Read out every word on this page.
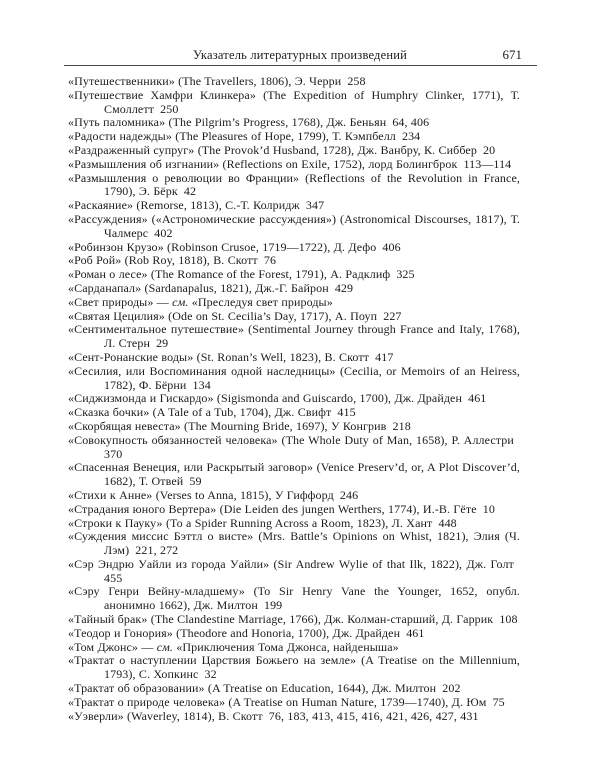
Указатель литературных произведений	671

«Путешественники» (The Travellers, 1806), Э. Черри 258

«Путешествие Хамфри Клинкера» (The Expedition of Humphry Clinker, 1771), Т. Смоллетт 250

«Путь паломника» (The Pilgrim’s Progress, 1768), Дж. Беньян 64, 406

«Радости надежды» (The Pleasures of Hope, 1799), Т. Кэмпбелл 234

«Раздраженный супруг» (The Provok’d Husband, 1728), Дж. Ванбру, К. Сиббер 20

«Размышления об изгнании» (Reflections on Exile, 1752), лорд Болингброк 113—114

«Размышления о революции во Франции» (Reflections of the Revolution in France, 1790), Э. Бёрк 42

«Раскаяние» (Remorse, 1813), С.-Т. Колридж 347

«Рассуждения» («Астрономические рассуждения») (Astronomical Discourses, 1817), Т. Чалмерс 402

«Робинзон Крузо» (Robinson Crusoe, 1719—1722), Д. Дефо 406

«Роб Рой» (Rob Roy, 1818), В. Скотт 76

«Роман о лесе» (The Romance of the Forest, 1791), А. Радклиф 325

«Сарданапал» (Sardanapalus, 1821), Дж.-Г. Байрон 429

«Свет природы» — см. «Преследуя свет природы»

«Святая Цецилия» (Ode on St. Cecilia’s Day, 1717), А. Поуп 227

«Сентиментальное путешествие» (Sentimental Journey through France and Italy, 1768), Л. Стерн 29

«Сент-Ронанские воды» (St. Ronan’s Well, 1823), В. Скотт 417

«Сесилия, или Воспоминания одной наследницы» (Cecilia, or Memoirs of an Heiress, 1782), Ф. Бёрни 134

«Сиджизмонда и Гискардо» (Sigismonda and Guiscardo, 1700), Дж. Драйден 461

«Сказка бочки» (A Tale of a Tub, 1704), Дж. Свифт 415

«Скорбящая невеста» (The Mourning Bride, 1697), У Конгрив 218

«Совокупность обязанностей человека» (The Whole Duty of Man, 1658), Р. Аллестри 370

«Спасенная Венеция, или Раскрытый заговор» (Venice Preserv’d, or, A Plot Discover’d, 1682), Т. Отвей 59

«Стихи к Анне» (Verses to Anna, 1815), У Гиффорд 246

«Страдания юного Вертера» (Die Leiden des jungen Werthers, 1774), И.-В. Гёте 10

«Строки к Пауку» (To a Spider Running Across a Room, 1823), Л. Хант 448

«Суждения миссис Бэттл о висте» (Mrs. Battle’s Opinions on Whist, 1821), Элия (Ч. Лэм) 221, 272

«Сэр Эндрю Уайли из города Уайли» (Sir Andrew Wylie of that Ilk, 1822), Дж. Голт 455

«Сэру Генри Вейну-младшему» (To Sir Henry Vane the Younger, 1652, опубл. анонимно 1662), Дж. Милтон 199

«Тайный брак» (The Clandestine Marriage, 1766), Дж. Колман-старший, Д. Гаррик 108

«Теодор и Гонория» (Theodore and Honoria, 1700), Дж. Драйден 461

«Том Джонс» — см. «Приключения Тома Джонса, найденыша»

«Трактат о наступлении Царствия Божьего на земле» (A Treatise on the Millennium, 1793), С. Хопкинс 32

«Трактат об образовании» (A Treatise on Education, 1644), Дж. Милтон 202

«Трактат о природе человека» (A Treatise on Human Nature, 1739—1740), Д. Юм 75

«Уэверли» (Waverley, 1814), В. Скотт 76, 183, 413, 415, 416, 421, 426, 427, 431
